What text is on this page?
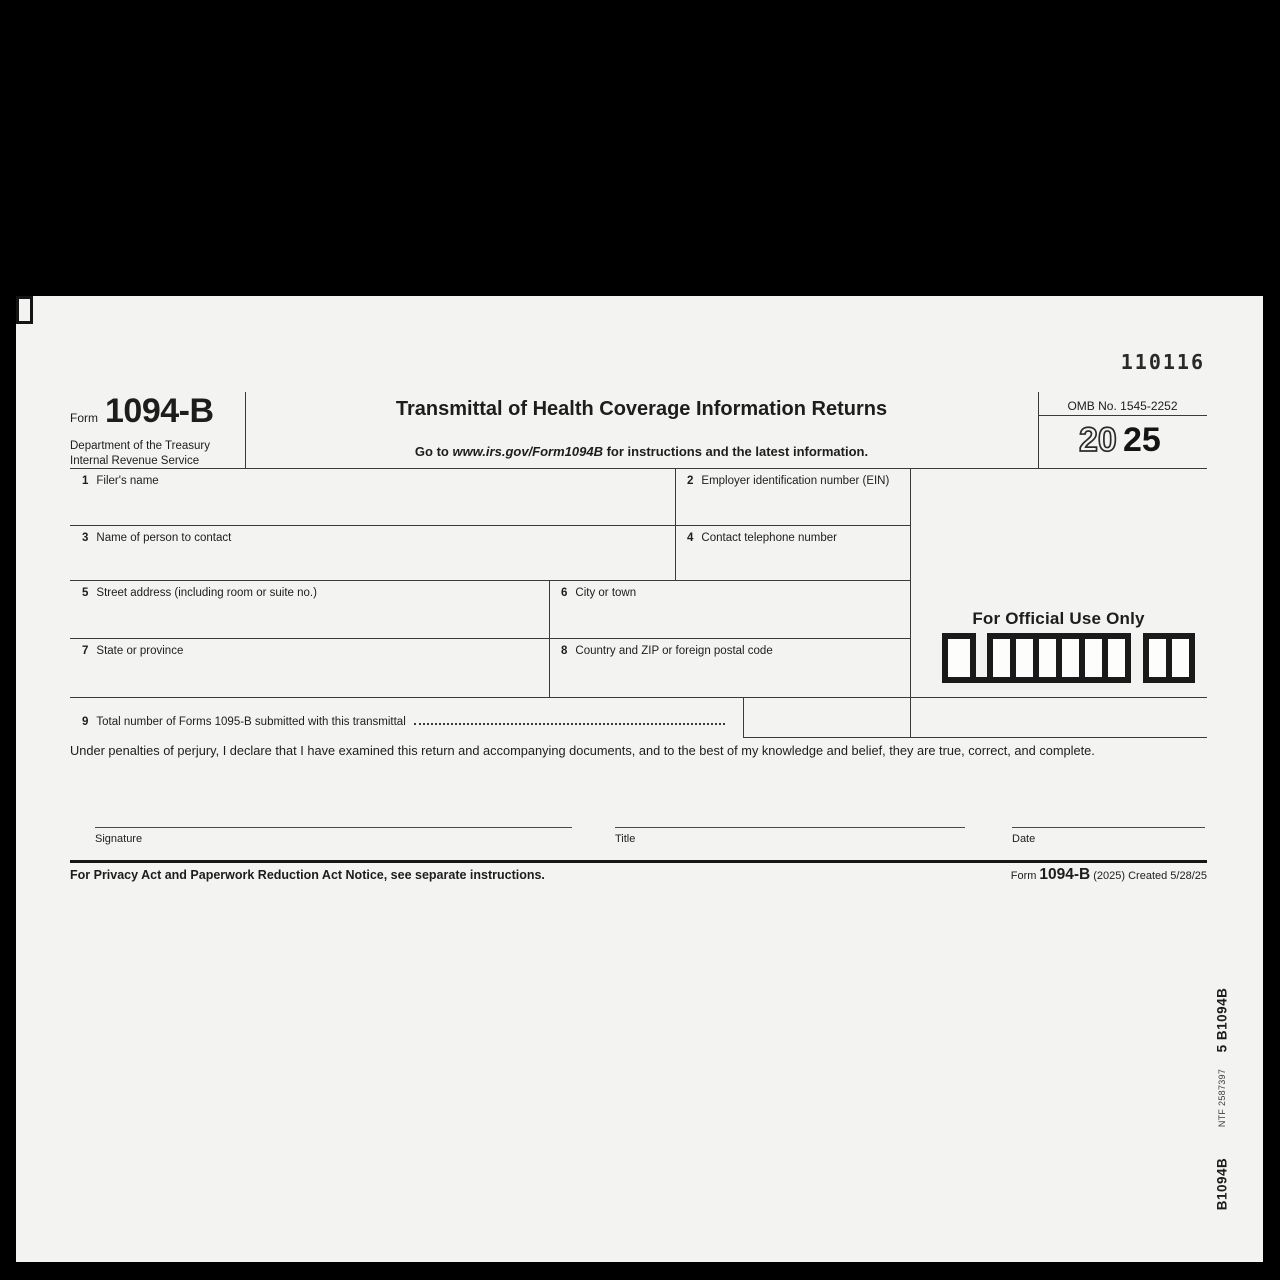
110116
Form 1094-B
Department of the Treasury
Internal Revenue Service
Transmittal of Health Coverage Information Returns
Go to www.irs.gov/Form1094B for instructions and the latest information.
OMB No. 1545-2252
20 25
1 Filer's name	2 Employer identification number (EIN)
3 Name of person to contact	4 Contact telephone number
5 Street address (including room or suite no.)	6 City or town
7 State or province	8 Country and ZIP or foreign postal code
9 Total number of Forms 1095-B submitted with this transmittal
For Official Use Only
Under penalties of perjury, I declare that I have examined this return and accompanying documents, and to the best of my knowledge and belief, they are true, correct, and complete.
Signature	Title	Date
For Privacy Act and Paperwork Reduction Act Notice, see separate instructions.	Form 1094-B (2025) Created 5/28/25
5 B1094B
NTF 2587397
B1094B
